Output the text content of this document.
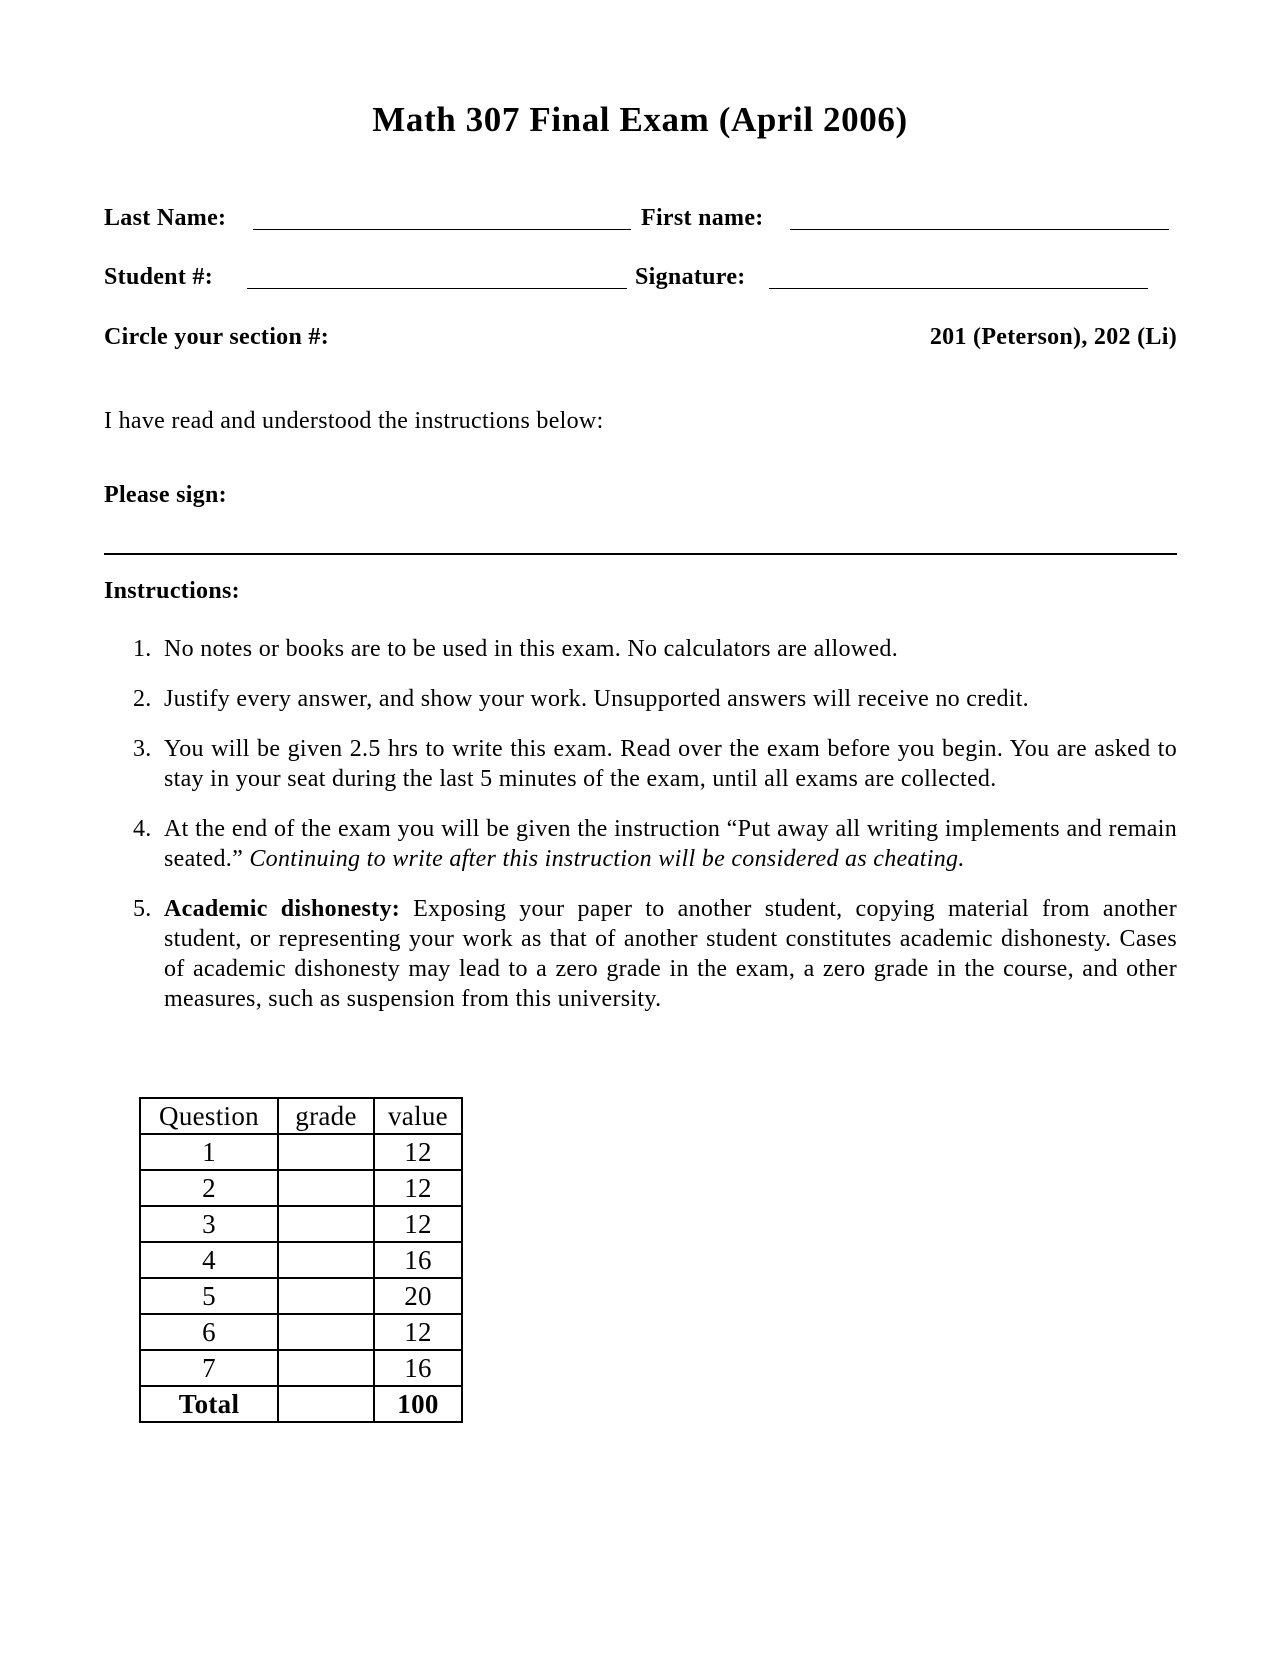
Math 307 Final Exam (April 2006)
Last Name:	First name:
Student #:	Signature:
Circle your section #:	201 (Peterson), 202 (Li)
I have read and understood the instructions below:
Please sign:
Instructions:
1. No notes or books are to be used in this exam. No calculators are allowed.
2. Justify every answer, and show your work. Unsupported answers will receive no credit.
3. You will be given 2.5 hrs to write this exam. Read over the exam before you begin. You are asked to stay in your seat during the last 5 minutes of the exam, until all exams are collected.
4. At the end of the exam you will be given the instruction “Put away all writing implements and remain seated.” Continuing to write after this instruction will be considered as cheating.
5. Academic dishonesty: Exposing your paper to another student, copying material from another student, or representing your work as that of another student constitutes academic dishonesty. Cases of academic dishonesty may lead to a zero grade in the exam, a zero grade in the course, and other measures, such as suspension from this university.
Question	grade	value
1		12
2		12
3		12
4		16
5		20
6		12
7		16
Total		100
